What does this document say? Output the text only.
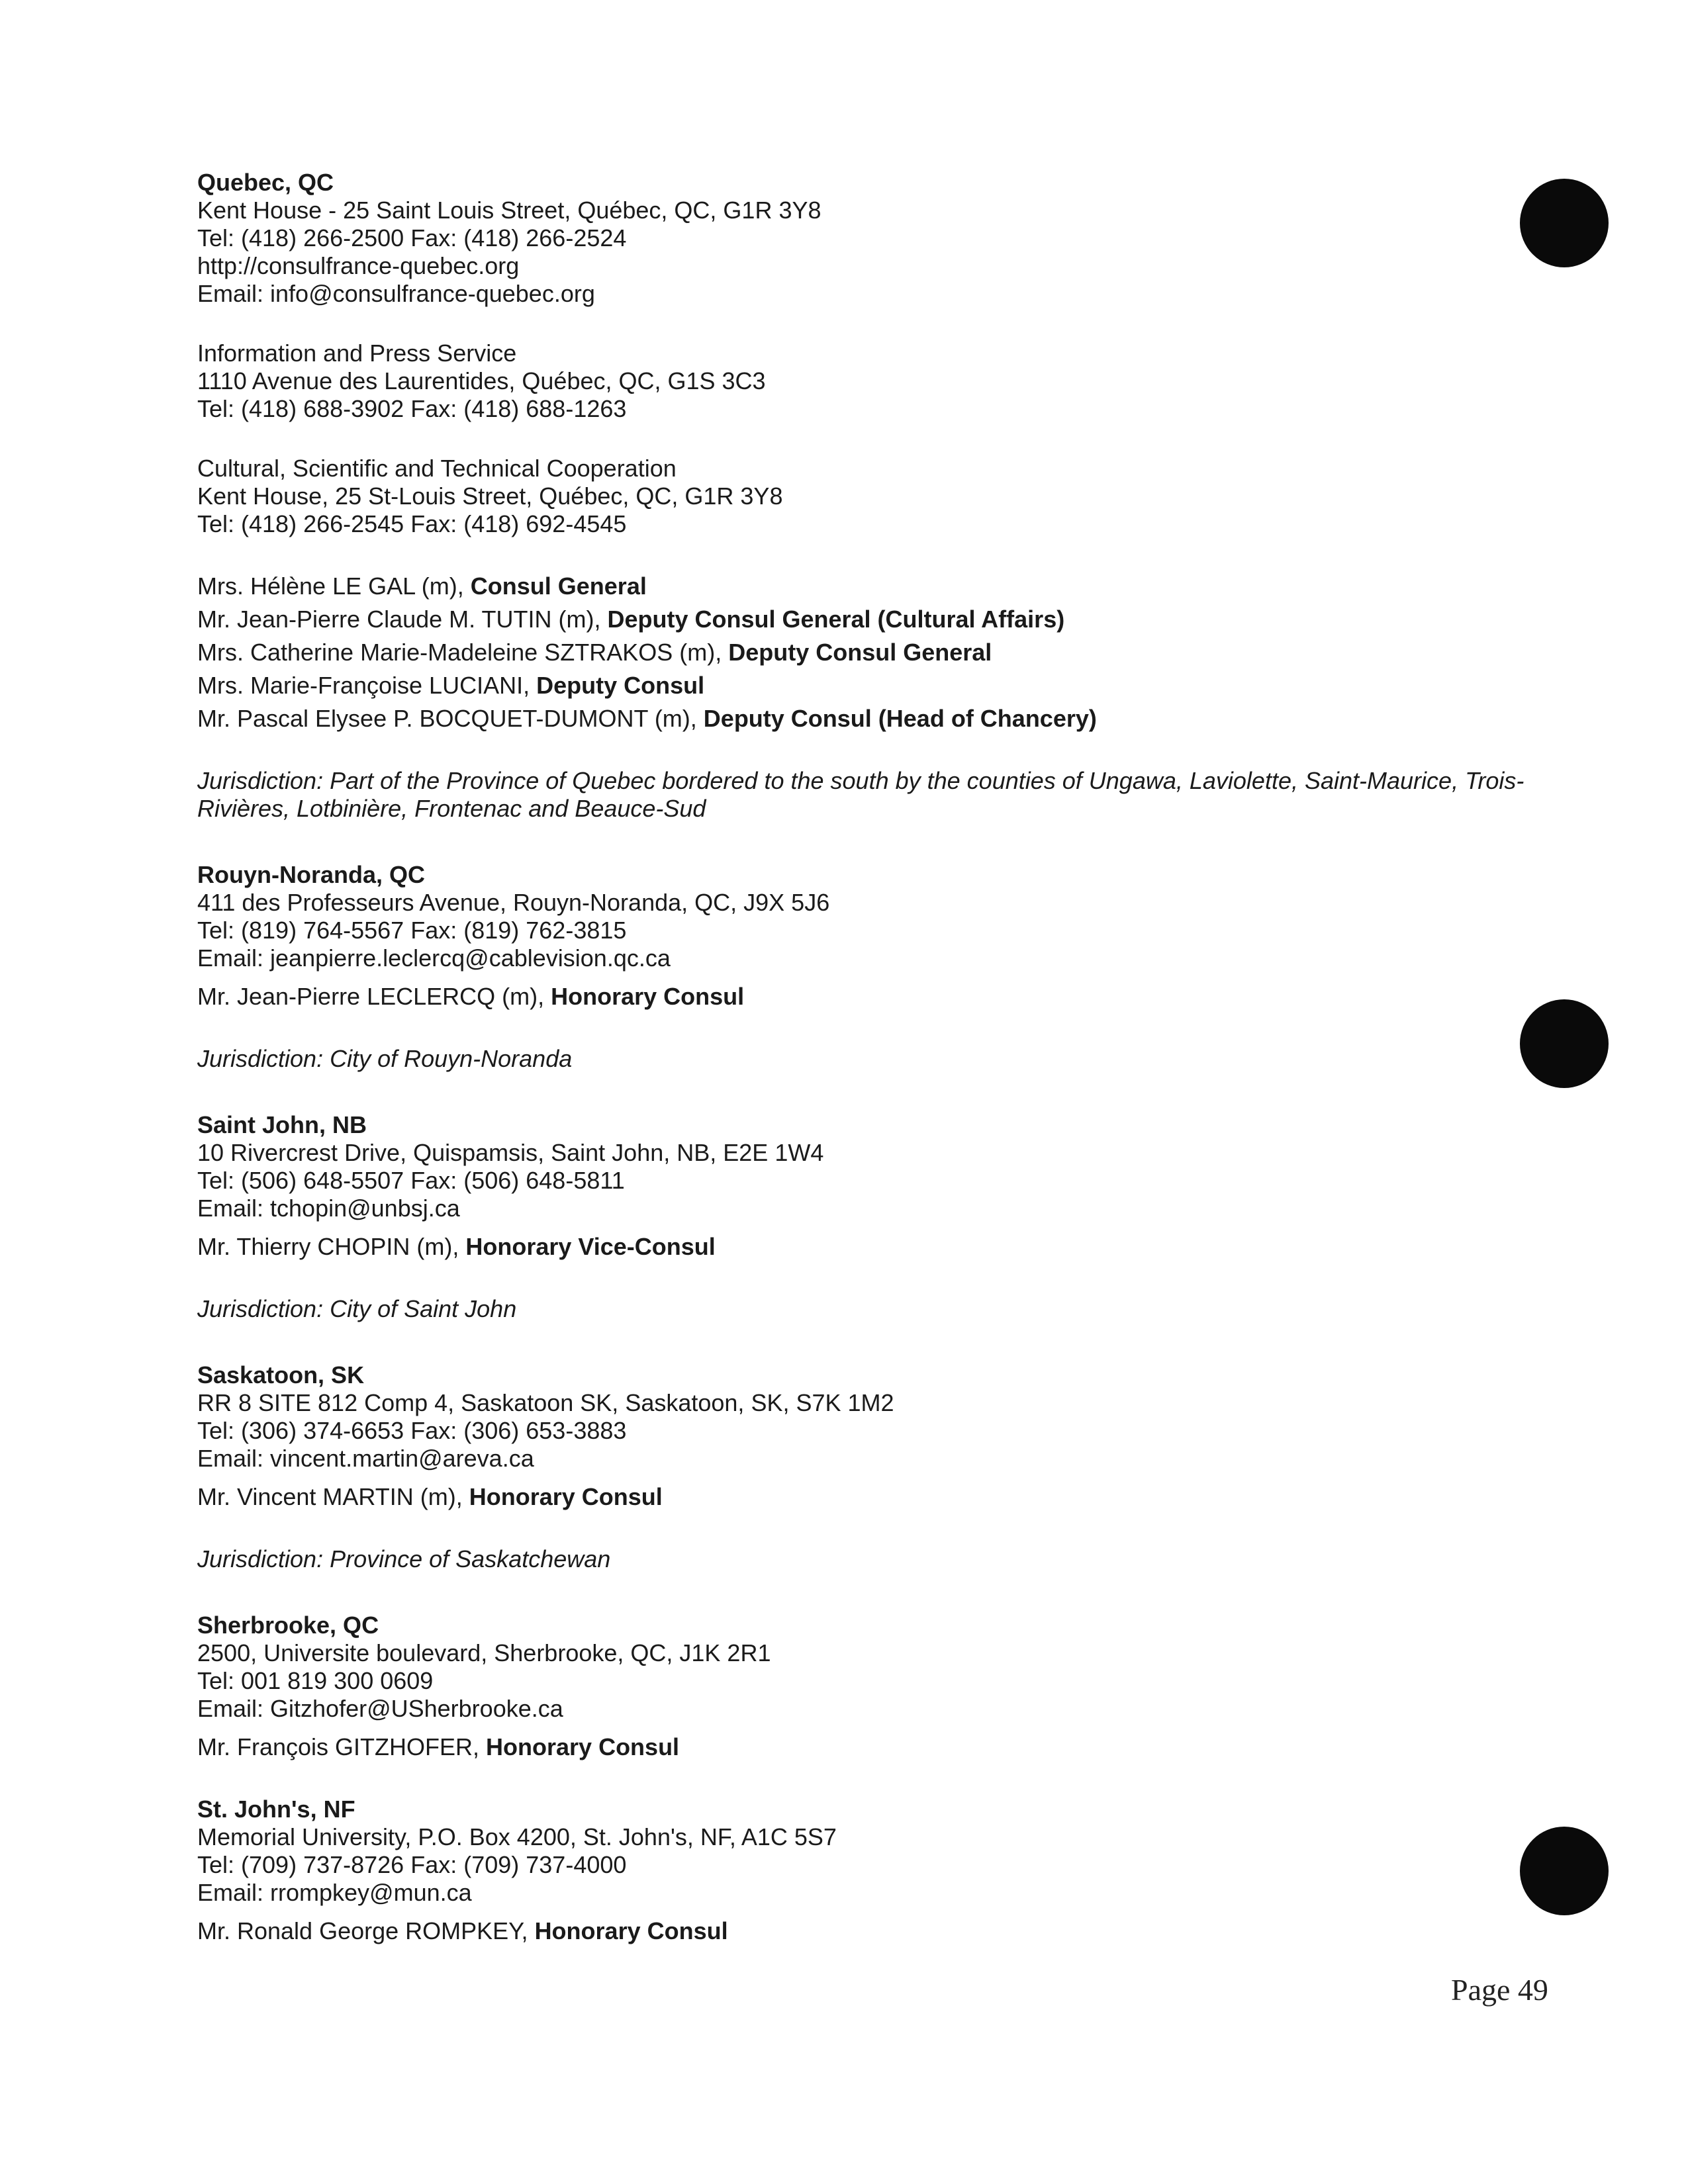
Quebec, QC
Kent House - 25 Saint Louis Street, Québec, QC, G1R 3Y8
Tel: (418) 266-2500 Fax: (418) 266-2524
http://consulfrance-quebec.org
Email: info@consulfrance-quebec.org
Information and Press Service
1110 Avenue des Laurentides, Québec, QC, G1S 3C3
Tel: (418) 688-3902 Fax: (418) 688-1263
Cultural, Scientific and Technical Cooperation
Kent House, 25 St-Louis Street, Québec, QC, G1R 3Y8
Tel: (418) 266-2545 Fax: (418) 692-4545
Mrs. Hélène LE GAL (m), Consul General
Mr. Jean-Pierre Claude M. TUTIN (m), Deputy Consul General (Cultural Affairs)
Mrs. Catherine Marie-Madeleine SZTRAKOS (m), Deputy Consul General
Mrs. Marie-Françoise LUCIANI, Deputy Consul
Mr. Pascal Elysee P. BOCQUET-DUMONT (m), Deputy Consul (Head of Chancery)
Jurisdiction: Part of the Province of Quebec bordered to the south by the counties of Ungawa, Laviolette, Saint-Maurice, Trois-Rivières, Lotbinière, Frontenac and Beauce-Sud
Rouyn-Noranda, QC
411 des Professeurs Avenue, Rouyn-Noranda, QC, J9X 5J6
Tel: (819) 764-5567 Fax: (819) 762-3815
Email: jeanpierre.leclercq@cablevision.qc.ca
Mr. Jean-Pierre LECLERCQ (m), Honorary Consul
Jurisdiction: City of Rouyn-Noranda
Saint John, NB
10 Rivercrest Drive, Quispamsis, Saint John, NB, E2E 1W4
Tel: (506) 648-5507 Fax: (506) 648-5811
Email: tchopin@unbsj.ca
Mr. Thierry CHOPIN (m), Honorary Vice-Consul
Jurisdiction: City of Saint John
Saskatoon, SK
RR 8 SITE 812 Comp 4, Saskatoon SK, Saskatoon, SK, S7K 1M2
Tel: (306) 374-6653 Fax: (306) 653-3883
Email: vincent.martin@areva.ca
Mr. Vincent MARTIN (m), Honorary Consul
Jurisdiction: Province of Saskatchewan
Sherbrooke, QC
2500, Universite boulevard, Sherbrooke, QC, J1K 2R1
Tel: 001 819 300 0609
Email: Gitzhofer@USherbrooke.ca
Mr. François GITZHOFER, Honorary Consul
St. John's, NF
Memorial University, P.O. Box 4200, St. John's, NF, A1C 5S7
Tel: (709) 737-8726 Fax: (709) 737-4000
Email: rrompkey@mun.ca
Mr. Ronald George ROMPKEY, Honorary Consul
Page 49
